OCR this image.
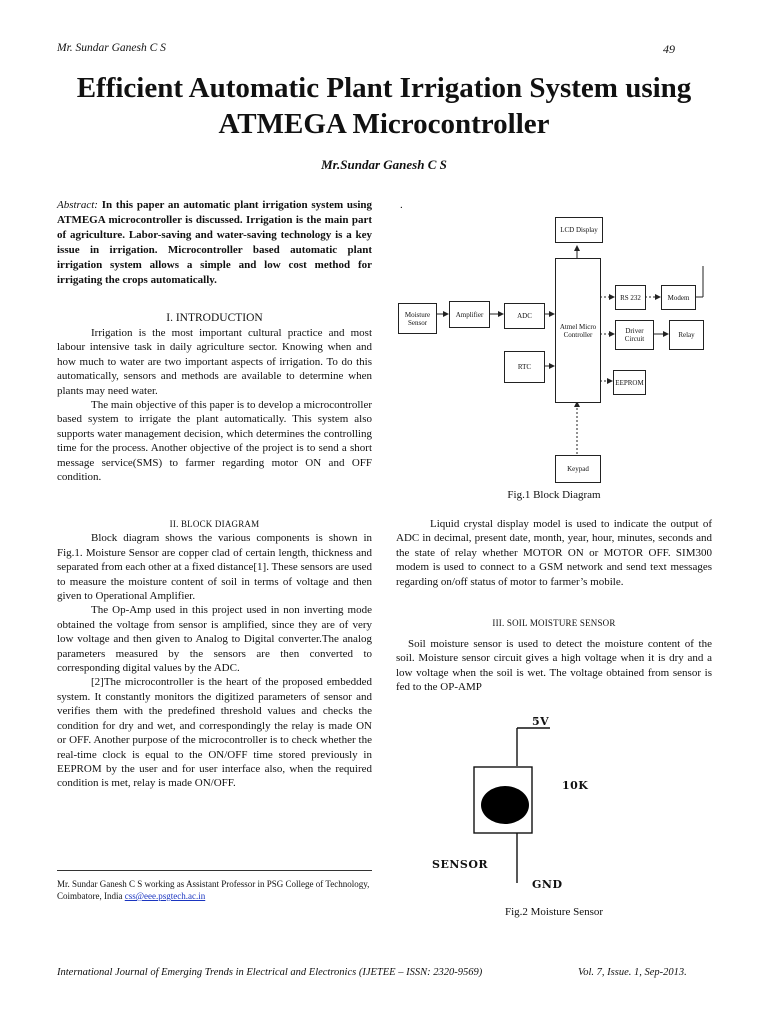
Mr. Sundar Ganesh C S	49
Efficient Automatic Plant Irrigation System using ATMEGA Microcontroller
Mr.Sundar Ganesh C S
Abstract: In this paper an automatic plant irrigation system using ATMEGA microcontroller is discussed. Irrigation is the main part of agriculture. Labor-saving and water-saving technology is a key issue in irrigation. Microcontroller based automatic plant irrigation system allows a simple and low cost method for irrigating the crops automatically.

I. INTRODUCTION

Irrigation is the most important cultural practice and most labour intensive task in daily agriculture sector. Knowing when and how much to water are two important aspects of irrigation. To do this automatically, sensors and methods are available to determine when plants may need water.

The main objective of this paper is to develop a microcontroller based system to irrigate the plant automatically. This system also supports water management decision, which determines the controlling time for the process. Another objective of the project is to send a short message service(SMS) to farmer regarding motor ON and OFF condition.

II. BLOCK DIAGRAM

Block diagram shows the various components is shown in Fig.1. Moisture Sensor are copper clad of certain length, thickness and separated from each other at a fixed distance[1]. These sensors are used to measure the moisture content of soil in terms of voltage and then given to Operational Amplifier.

The Op-Amp used in this project used in non inverting mode obtained the voltage from sensor is amplified, since they are of very low voltage and then given to Analog to Digital converter.The analog parameters measured by the sensors are then converted to corresponding digital values by the ADC.

[2]The microcontroller is the heart of the proposed embedded system. It constantly monitors the digitized parameters of sensor and verifies them with the predefined threshold values and checks the condition for dry and wet, and correspondingly the relay is made ON or OFF. Another purpose of the microcontroller is to check whether the real-time clock is equal to the ON/OFF time stored previously in EEPROM by the user and for user interface also, when the required condition is met, relay is made ON/OFF.

Mr. Sundar Ganesh C S working as Assistant Professor in PSG College of Technology, Coimbatore, India css@eee.psgtech.ac.in
.
LCD Display
Moisture Sensor
Amplifier	ADC
Atmel Micro Controller
RTC
RS 232	Modem
Driver Circuit	Relay
EEPROM
Keypad
Fig.1 Block Diagram

Liquid crystal display model is used to indicate the output of ADC in decimal, present date, month, year, hour, minutes, seconds and the state of relay whether MOTOR ON or MOTOR OFF. SIM300 modem is used to connect to a GSM network and send text messages regarding on/off status of motor to farmer’s mobile.

III. SOIL MOISTURE SENSOR

Soil moisture sensor is used to detect the moisture content of the soil. Moisture sensor circuit gives a high voltage when it is dry and a low voltage when the soil is wet. The voltage obtained from sensor is fed to the OP-AMP

5V
10K
SENSOR
GND
Fig.2 Moisture Sensor
International Journal of Emerging Trends in Electrical and Electronics (IJETEE – ISSN: 2320-9569)	Vol. 7, Issue. 1, Sep-2013.
